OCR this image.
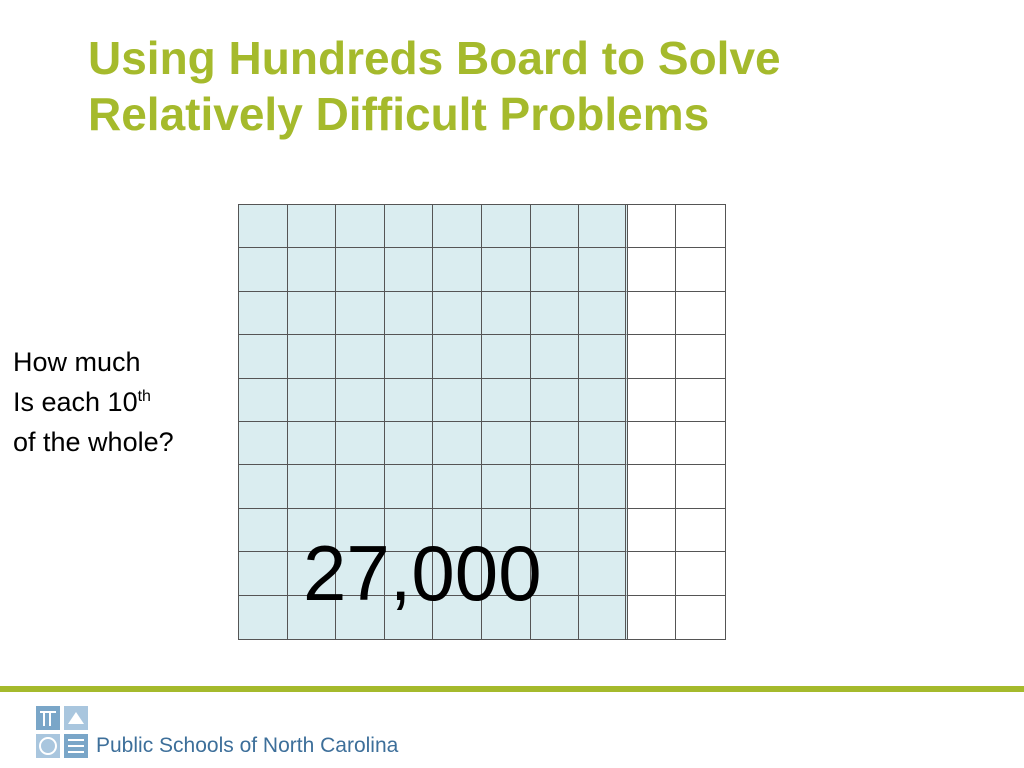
Using Hundreds Board to Solve
Relatively Difficult Problems
How much
Is each 10th
of the whole?
27,000
Public Schools of North Carolina
